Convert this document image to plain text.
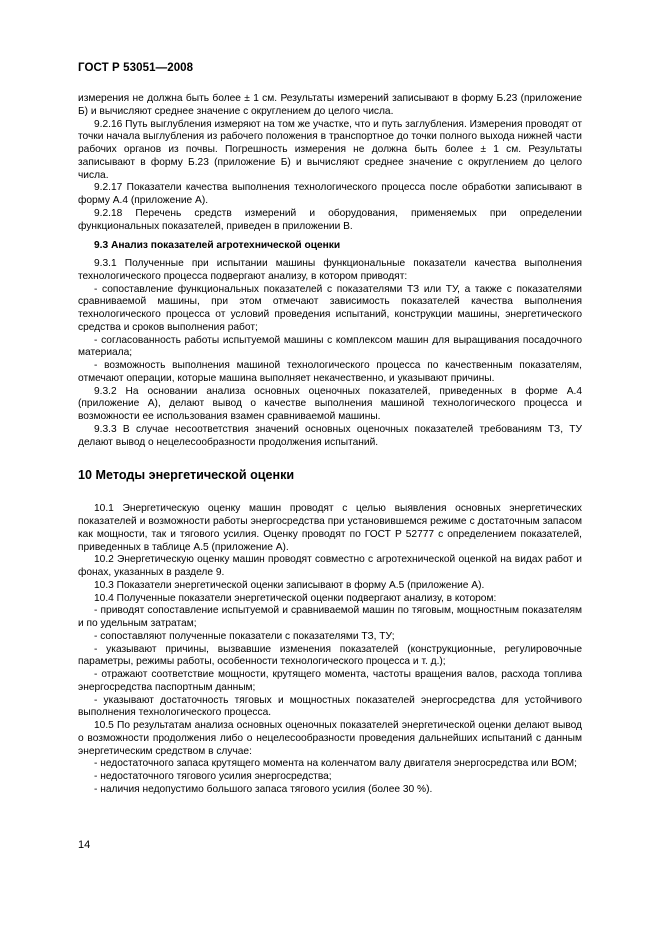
ГОСТ Р 53051—2008

измерения не должна быть более ± 1 см. Результаты измерений записывают в форму Б.23 (приложение Б) и вычисляют среднее значение с округлением до целого числа.

9.2.16 Путь выглубления измеряют на том же участке, что и путь заглубления. Измерения проводят от точки начала выглубления из рабочего положения в транспортное до точки полного выхода нижней части рабочих органов из почвы. Погрешность измерения не должна быть более ± 1 см. Результаты записывают в форму Б.23 (приложение Б) и вычисляют среднее значение с округлением до целого числа.

9.2.17 Показатели качества выполнения технологического процесса после обработки записывают в форму А.4 (приложение А).

9.2.18 Перечень средств измерений и оборудования, применяемых при определении функциональных показателей, приведен в приложении В.

9.3 Анализ показателей агротехнической оценки

9.3.1 Полученные при испытании машины функциональные показатели качества выполнения технологического процесса подвергают анализу, в котором приводят:

- сопоставление функциональных показателей с показателями ТЗ или ТУ, а также с показателями сравниваемой машины, при этом отмечают зависимость показателей качества выполнения технологического процесса от условий проведения испытаний, конструкции машины, энергетического средства и сроков выполнения работ;

- согласованность работы испытуемой машины с комплексом машин для выращивания посадочного материала;

- возможность выполнения машиной технологического процесса по качественным показателям, отмечают операции, которые машина выполняет некачественно, и указывают причины.

9.3.2 На основании анализа основных оценочных показателей, приведенных в форме А.4 (приложение А), делают вывод о качестве выполнения машиной технологического процесса и возможности ее использования взамен сравниваемой машины.

9.3.3 В случае несоответствия значений основных оценочных показателей требованиям ТЗ, ТУ делают вывод о нецелесообразности продолжения испытаний.

10 Методы энергетической оценки

10.1 Энергетическую оценку машин проводят с целью выявления основных энергетических показателей и возможности работы энергосредства при установившемся режиме с достаточным запасом как мощности, так и тягового усилия. Оценку проводят по ГОСТ Р 52777 с определением показателей, приведенных в таблице А.5 (приложение А).

10.2 Энергетическую оценку машин проводят совместно с агротехнической оценкой на видах работ и фонах, указанных в разделе 9.

10.3 Показатели энергетической оценки записывают в форму А.5 (приложение А).

10.4 Полученные показатели энергетической оценки подвергают анализу, в котором:

- приводят сопоставление испытуемой и сравниваемой машин по тяговым, мощностным показателям и по удельным затратам;

- сопоставляют полученные показатели с показателями ТЗ, ТУ;

- указывают причины, вызвавшие изменения показателей (конструкционные, регулировочные параметры, режимы работы, особенности технологического процесса и т. д.);

- отражают соответствие мощности, крутящего момента, частоты вращения валов, расхода топлива энергосредства паспортным данным;

- указывают достаточность тяговых и мощностных показателей энергосредства для устойчивого выполнения технологического процесса.

10.5 По результатам анализа основных оценочных показателей энергетической оценки делают вывод о возможности продолжения либо о нецелесообразности проведения дальнейших испытаний с данным энергетическим средством в случае:

- недостаточного запаса крутящего момента на коленчатом валу двигателя энергосредства или ВОМ;

- недостаточного тягового усилия энергосредства;

- наличия недопустимо большого запаса тягового усилия (более 30 %).

14
